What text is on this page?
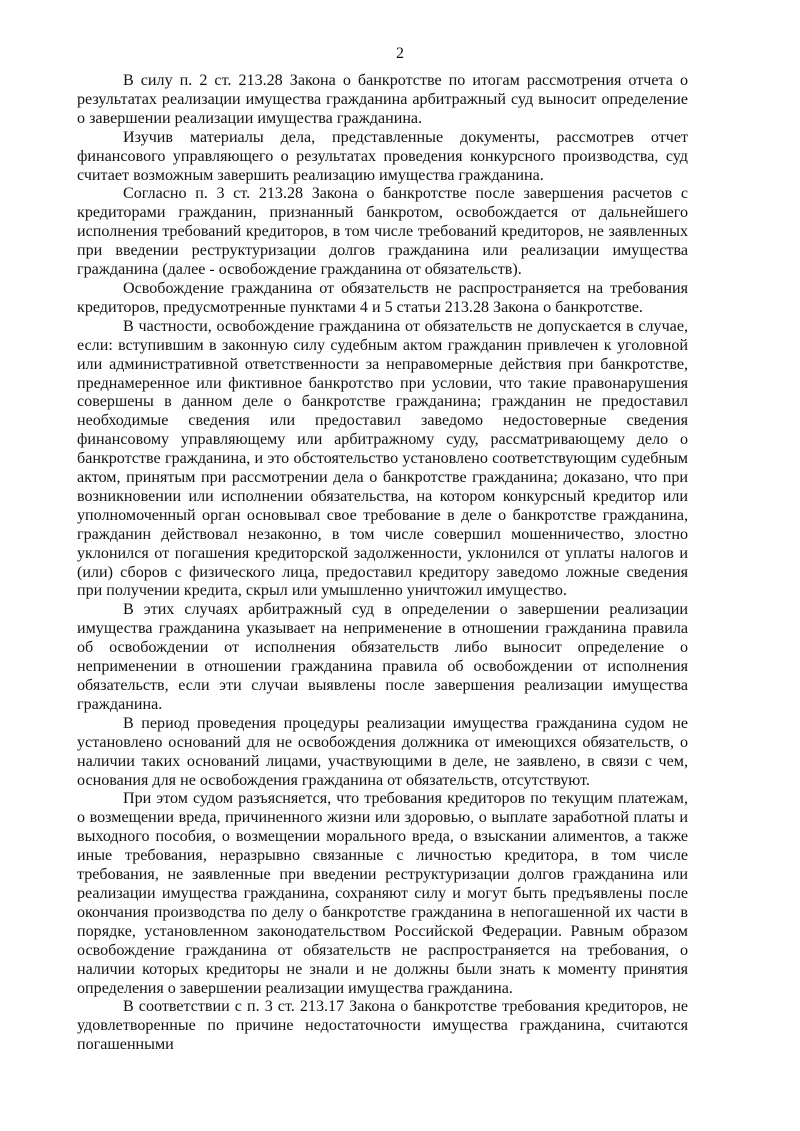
2

В силу п. 2 ст. 213.28 Закона о банкротстве по итогам рассмотрения отчета о результатах реализации имущества гражданина арбитражный суд выносит определение о завершении реализации имущества гражданина.

Изучив материалы дела, представленные документы, рассмотрев отчет финансового управляющего о результатах проведения конкурсного производства, суд считает возможным завершить реализацию имущества гражданина.

Согласно п. 3 ст. 213.28 Закона о банкротстве после завершения расчетов с кредиторами гражданин, признанный банкротом, освобождается от дальнейшего исполнения требований кредиторов, в том числе требований кредиторов, не заявленных при введении реструктуризации долгов гражданина или реализации имущества гражданина (далее - освобождение гражданина от обязательств).

Освобождение гражданина от обязательств не распространяется на требования кредиторов, предусмотренные пунктами 4 и 5 статьи 213.28 Закона о банкротстве.

В частности, освобождение гражданина от обязательств не допускается в случае, если: вступившим в законную силу судебным актом гражданин привлечен к уголовной или административной ответственности за неправомерные действия при банкротстве, преднамеренное или фиктивное банкротство при условии, что такие правонарушения совершены в данном деле о банкротстве гражданина; гражданин не предоставил необходимые сведения или предоставил заведомо недостоверные сведения финансовому управляющему или арбитражному суду, рассматривающему дело о банкротстве гражданина, и это обстоятельство установлено соответствующим судебным актом, принятым при рассмотрении дела о банкротстве гражданина; доказано, что при возникновении или исполнении обязательства, на котором конкурсный кредитор или уполномоченный орган основывал свое требование в деле о банкротстве гражданина, гражданин действовал незаконно, в том числе совершил мошенничество, злостно уклонился от погашения кредиторской задолженности, уклонился от уплаты налогов и (или) сборов с физического лица, предоставил кредитору заведомо ложные сведения при получении кредита, скрыл или умышленно уничтожил имущество.

В этих случаях арбитражный суд в определении о завершении реализации имущества гражданина указывает на неприменение в отношении гражданина правила об освобождении от исполнения обязательств либо выносит определение о неприменении в отношении гражданина правила об освобождении от исполнения обязательств, если эти случаи выявлены после завершения реализации имущества гражданина.

В период проведения процедуры реализации имущества гражданина судом не установлено оснований для не освобождения должника от имеющихся обязательств, о наличии таких оснований лицами, участвующими в деле, не заявлено, в связи с чем, основания для не освобождения гражданина от обязательств, отсутствуют.

При этом судом разъясняется, что требования кредиторов по текущим платежам, о возмещении вреда, причиненного жизни или здоровью, о выплате заработной платы и выходного пособия, о возмещении морального вреда, о взыскании алиментов, а также иные требования, неразрывно связанные с личностью кредитора, в том числе требования, не заявленные при введении реструктуризации долгов гражданина или реализации имущества гражданина, сохраняют силу и могут быть предъявлены после окончания производства по делу о банкротстве гражданина в непогашенной их части в порядке, установленном законодательством Российской Федерации. Равным образом освобождение гражданина от обязательств не распространяется на требования, о наличии которых кредиторы не знали и не должны были знать к моменту принятия определения о завершении реализации имущества гражданина.

В соответствии с п. 3 ст. 213.17 Закона о банкротстве требования кредиторов, не удовлетворенные по причине недостаточности имущества гражданина, считаются погашенными
